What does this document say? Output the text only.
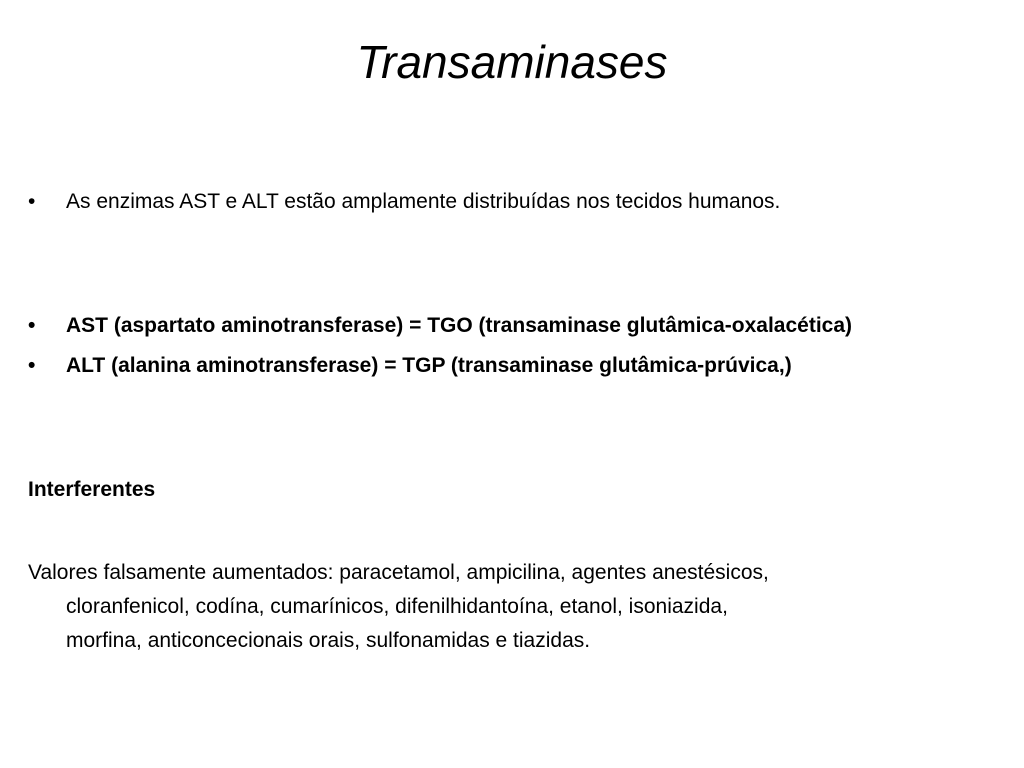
Transaminases
• As enzimas AST e ALT estão amplamente distribuídas nos tecidos humanos.
• AST (aspartato aminotransferase) = TGO (transaminase glutâmica-oxalacética)
• ALT (alanina aminotransferase) = TGP (transaminase glutâmica-prúvica,)
Interferentes
Valores falsamente aumentados: paracetamol, ampicilina, agentes anestésicos,
cloranfenicol, codína, cumarínicos, difenilhidantoína, etanol, isoniazida,
morfina, anticoncecionais orais, sulfonamidas e tiazidas.
